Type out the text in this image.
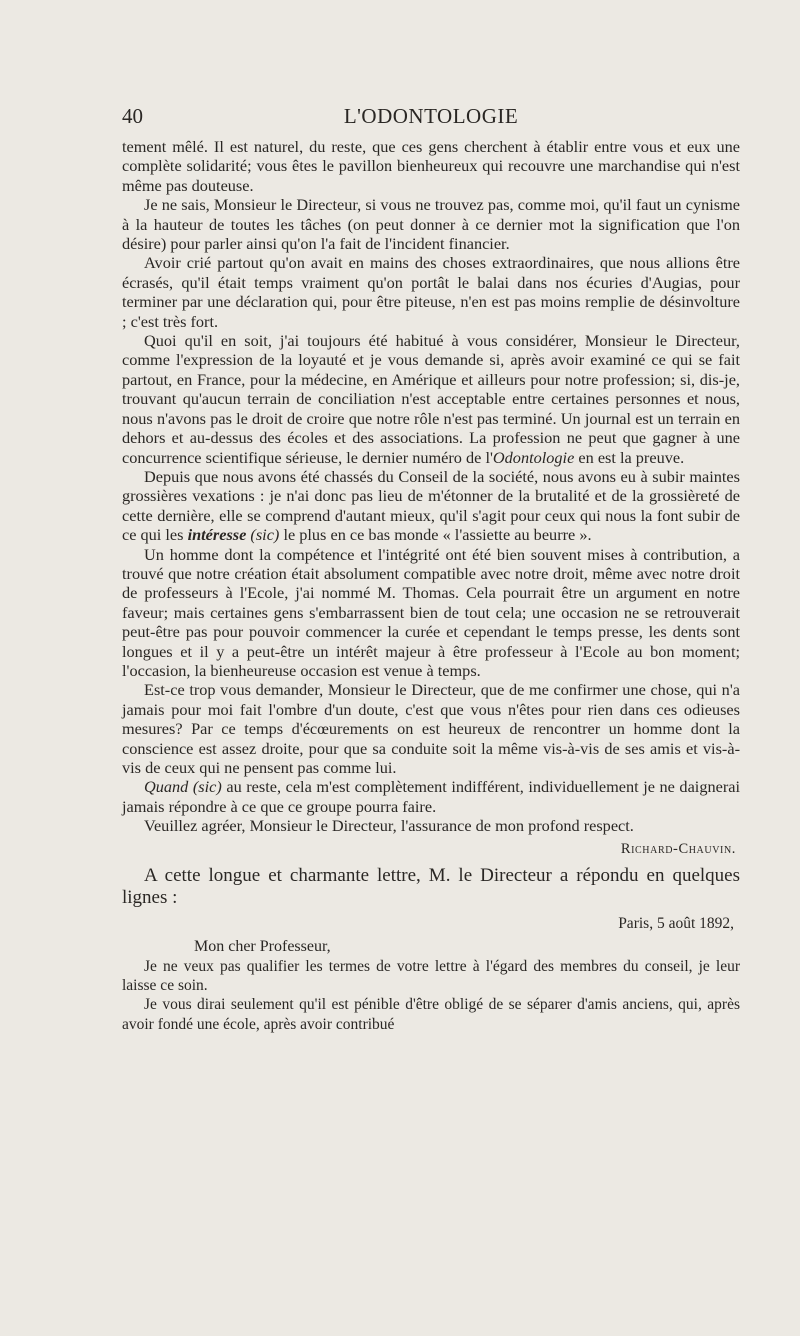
40	L'ODONTOLOGIE

tement mêlé. Il est naturel, du reste, que ces gens cherchent à établir entre vous et eux une complète solidarité; vous êtes le pavillon bienheureux qui recouvre une marchandise qui n'est même pas douteuse.

Je ne sais, Monsieur le Directeur, si vous ne trouvez pas, comme moi, qu'il faut un cynisme à la hauteur de toutes les tâches (on peut donner à ce dernier mot la signification que l'on désire) pour parler ainsi qu'on l'a fait de l'incident financier.

Avoir crié partout qu'on avait en mains des choses extraordinaires, que nous allions être écrasés, qu'il était temps vraiment qu'on portât le balai dans nos écuries d'Augias, pour terminer par une déclaration qui, pour être piteuse, n'en est pas moins remplie de désinvolture ; c'est très fort.

Quoi qu'il en soit, j'ai toujours été habitué à vous considérer, Monsieur le Directeur, comme l'expression de la loyauté et je vous demande si, après avoir examiné ce qui se fait partout, en France, pour la médecine, en Amérique et ailleurs pour notre profession; si, dis-je, trouvant qu'aucun terrain de conciliation n'est acceptable entre certaines personnes et nous, nous n'avons pas le droit de croire que notre rôle n'est pas terminé. Un journal est un terrain en dehors et au-dessus des écoles et des associations. La profession ne peut que gagner à une concurrence scientifique sérieuse, le dernier numéro de l'Odontologie en est la preuve.

Depuis que nous avons été chassés du Conseil de la société, nous avons eu à subir maintes grossières vexations : je n'ai donc pas lieu de m'étonner de la brutalité et de la grossièreté de cette dernière, elle se comprend d'autant mieux, qu'il s'agit pour ceux qui nous la font subir de ce qui les intéresse (sic) le plus en ce bas monde « l'assiette au beurre ».

Un homme dont la compétence et l'intégrité ont été bien souvent mises à contribution, a trouvé que notre création était absolument compatible avec notre droit, même avec notre droit de professeurs à l'Ecole, j'ai nommé M. Thomas. Cela pourrait être un argument en notre faveur; mais certaines gens s'embarrassent bien de tout cela; une occasion ne se retrouverait peut-être pas pour pouvoir commencer la curée et cependant le temps presse, les dents sont longues et il y a peut-être un intérêt majeur à être professeur à l'Ecole au bon moment; l'occasion, la bienheureuse occasion est venue à temps.

Est-ce trop vous demander, Monsieur le Directeur, que de me confirmer une chose, qui n'a jamais pour moi fait l'ombre d'un doute, c'est que vous n'êtes pour rien dans ces odieuses mesures? Par ce temps d'écœurements on est heureux de rencontrer un homme dont la conscience est assez droite, pour que sa conduite soit la même vis-à-vis de ses amis et vis-à-vis de ceux qui ne pensent pas comme lui.

Quand (sic) au reste, cela m'est complètement indifférent, individuellement je ne daignerai jamais répondre à ce que ce groupe pourra faire.

Veuillez agréer, Monsieur le Directeur, l'assurance de mon profond respect.

Richard-Chauvin.

A cette longue et charmante lettre, M. le Directeur a répondu en quelques lignes :

Paris, 5 août 1892,

Mon cher Professeur,

Je ne veux pas qualifier les termes de votre lettre à l'égard des membres du conseil, je leur laisse ce soin.

Je vous dirai seulement qu'il est pénible d'être obligé de se séparer d'amis anciens, qui, après avoir fondé une école, après avoir contribué
